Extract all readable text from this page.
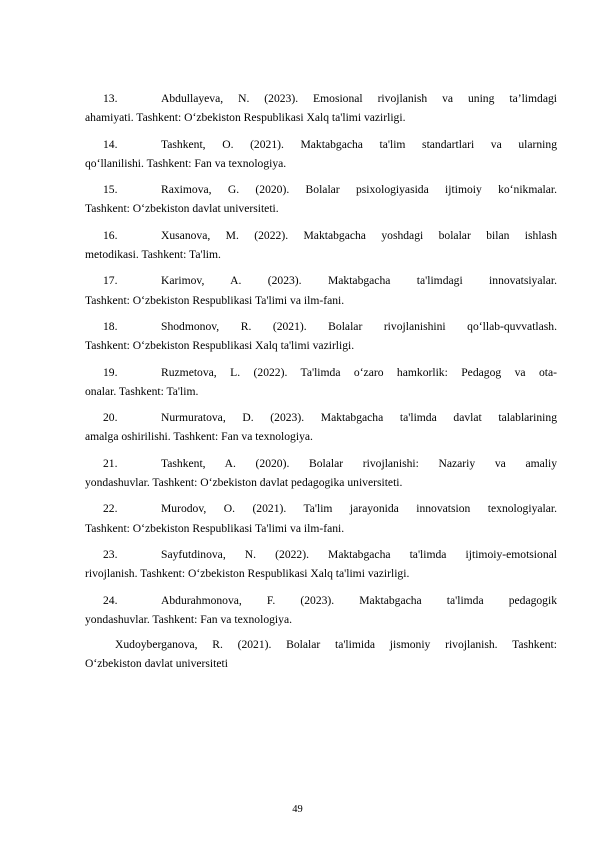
13.	Abdullayeva, N. (2023). Emosional rivojlanish va uning ta’limdagi
ahamiyati. Tashkent: O‘zbekiston Respublikasi Xalq ta'limi vazirligi.
14.	Tashkent, O. (2021). Maktabgacha ta'lim standartlari va ularning
qo‘llanilishi. Tashkent: Fan va texnologiya.
15.	Raximova, G. (2020). Bolalar psixologiyasida ijtimoiy ko‘nikmalar.
Tashkent: O‘zbekiston davlat universiteti.
16.	Xusanova, M. (2022). Maktabgacha yoshdagi bolalar bilan ishlash
metodikasi. Tashkent: Ta'lim.
17.	Karimov, A. (2023). Maktabgacha ta'limdagi innovatsiyalar.
Tashkent: O‘zbekiston Respublikasi Ta'limi va ilm-fani.
18.	Shodmonov, R. (2021). Bolalar rivojlanishini qo‘llab-quvvatlash.
Tashkent: O‘zbekiston Respublikasi Xalq ta'limi vazirligi.
19.	Ruzmetova, L. (2022). Ta'limda o‘zaro hamkorlik: Pedagog va ota-
onalar. Tashkent: Ta'lim.
20.	Nurmuratova, D. (2023). Maktabgacha ta'limda davlat talablarining
amalga oshirilishi. Tashkent: Fan va texnologiya.
21.	Tashkent, A. (2020). Bolalar rivojlanishi: Nazariy va amaliy
yondashuvlar. Tashkent: O‘zbekiston davlat pedagogika universiteti.
22.	Murodov, O. (2021). Ta'lim jarayonida innovatsion texnologiyalar.
Tashkent: O‘zbekiston Respublikasi Ta'limi va ilm-fani.
23.	Sayfutdinova, N. (2022). Maktabgacha ta'limda ijtimoiy-emotsional
rivojlanish. Tashkent: O‘zbekiston Respublikasi Xalq ta'limi vazirligi.
24.	Abdurahmonova, F. (2023). Maktabgacha ta'limda pedagogik
yondashuvlar. Tashkent: Fan va texnologiya.
Xudoyberganova, R. (2021). Bolalar ta'limida jismoniy rivojlanish. Tashkent:
O‘zbekiston davlat universiteti
49
